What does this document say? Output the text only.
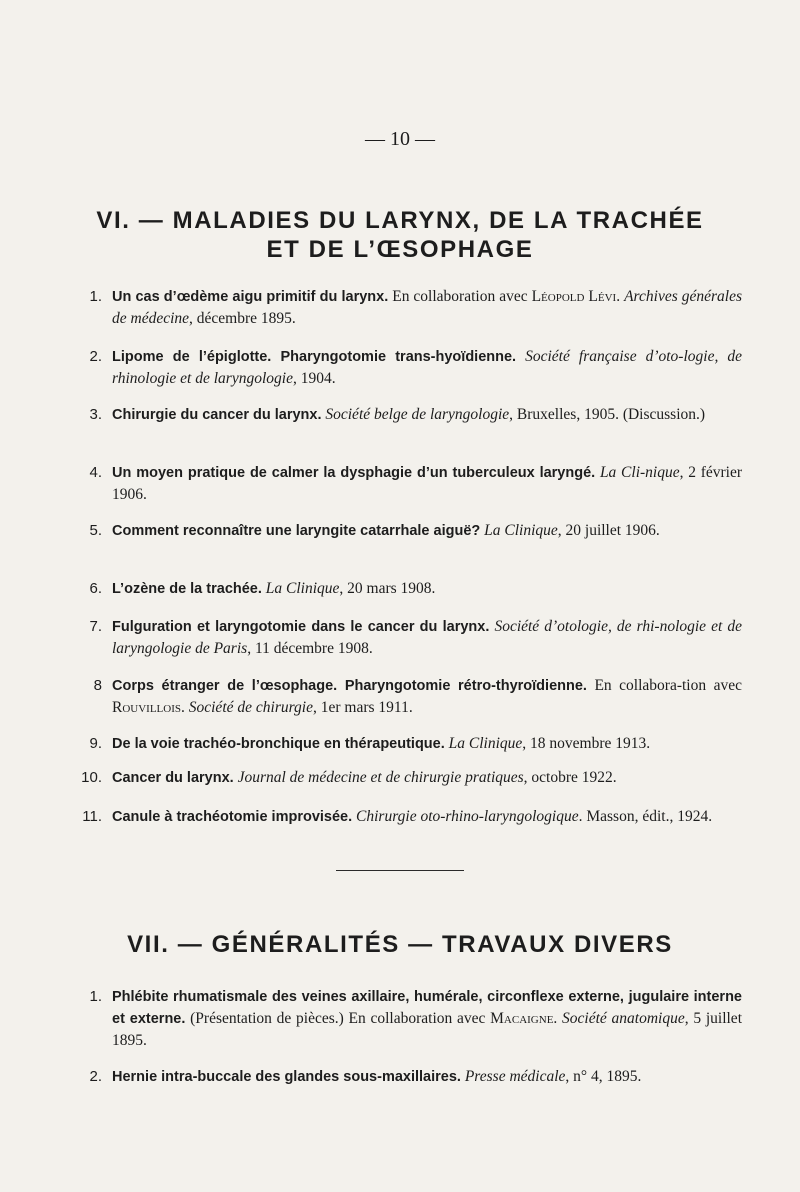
— 10 —
VI. — MALADIES DU LARYNX, DE LA TRACHÉE
ET DE L’ŒSOPHAGE
1. Un cas d’œdème aigu primitif du larynx. En collaboration avec Léopold Lévi. Archives générales de médecine, décembre 1895.
2. Lipome de l’épiglotte. Pharyngotomie trans-hyoïdienne. Société française d’oto-logie, de rhinologie et de laryngologie, 1904.
3. Chirurgie du cancer du larynx. Société belge de laryngologie, Bruxelles, 1905. (Discussion.)
4. Un moyen pratique de calmer la dysphagie d’un tuberculeux laryngé. La Cli-nique, 2 février 1906.
5. Comment reconnaître une laryngite catarrhale aiguë? La Clinique, 20 juillet 1906.
6. L’ozène de la trachée. La Clinique, 20 mars 1908.
7. Fulguration et laryngotomie dans le cancer du larynx. Société d’otologie, de rhi-nologie et de laryngologie de Paris, 11 décembre 1908.
8 Corps étranger de l’œsophage. Pharyngotomie rétro-thyroïdienne. En collabora-tion avec Rouvillois. Société de chirurgie, 1er mars 1911.
9. De la voie trachéo-bronchique en thérapeutique. La Clinique, 18 novembre 1913.
10. Cancer du larynx. Journal de médecine et de chirurgie pratiques, octobre 1922.
11. Canule à trachéotomie improvisée. Chirurgie oto-rhino-laryngologique. Masson, édit., 1924.
VII. — GÉNÉRALITÉS — TRAVAUX DIVERS
1. Phlébite rhumatismale des veines axillaire, humérale, circonflexe externe, jugulaire interne et externe. (Présentation de pièces.) En collaboration avec Macaigne. Société anatomique, 5 juillet 1895.
2. Hernie intra-buccale des glandes sous-maxillaires. Presse médicale, n° 4, 1895.
